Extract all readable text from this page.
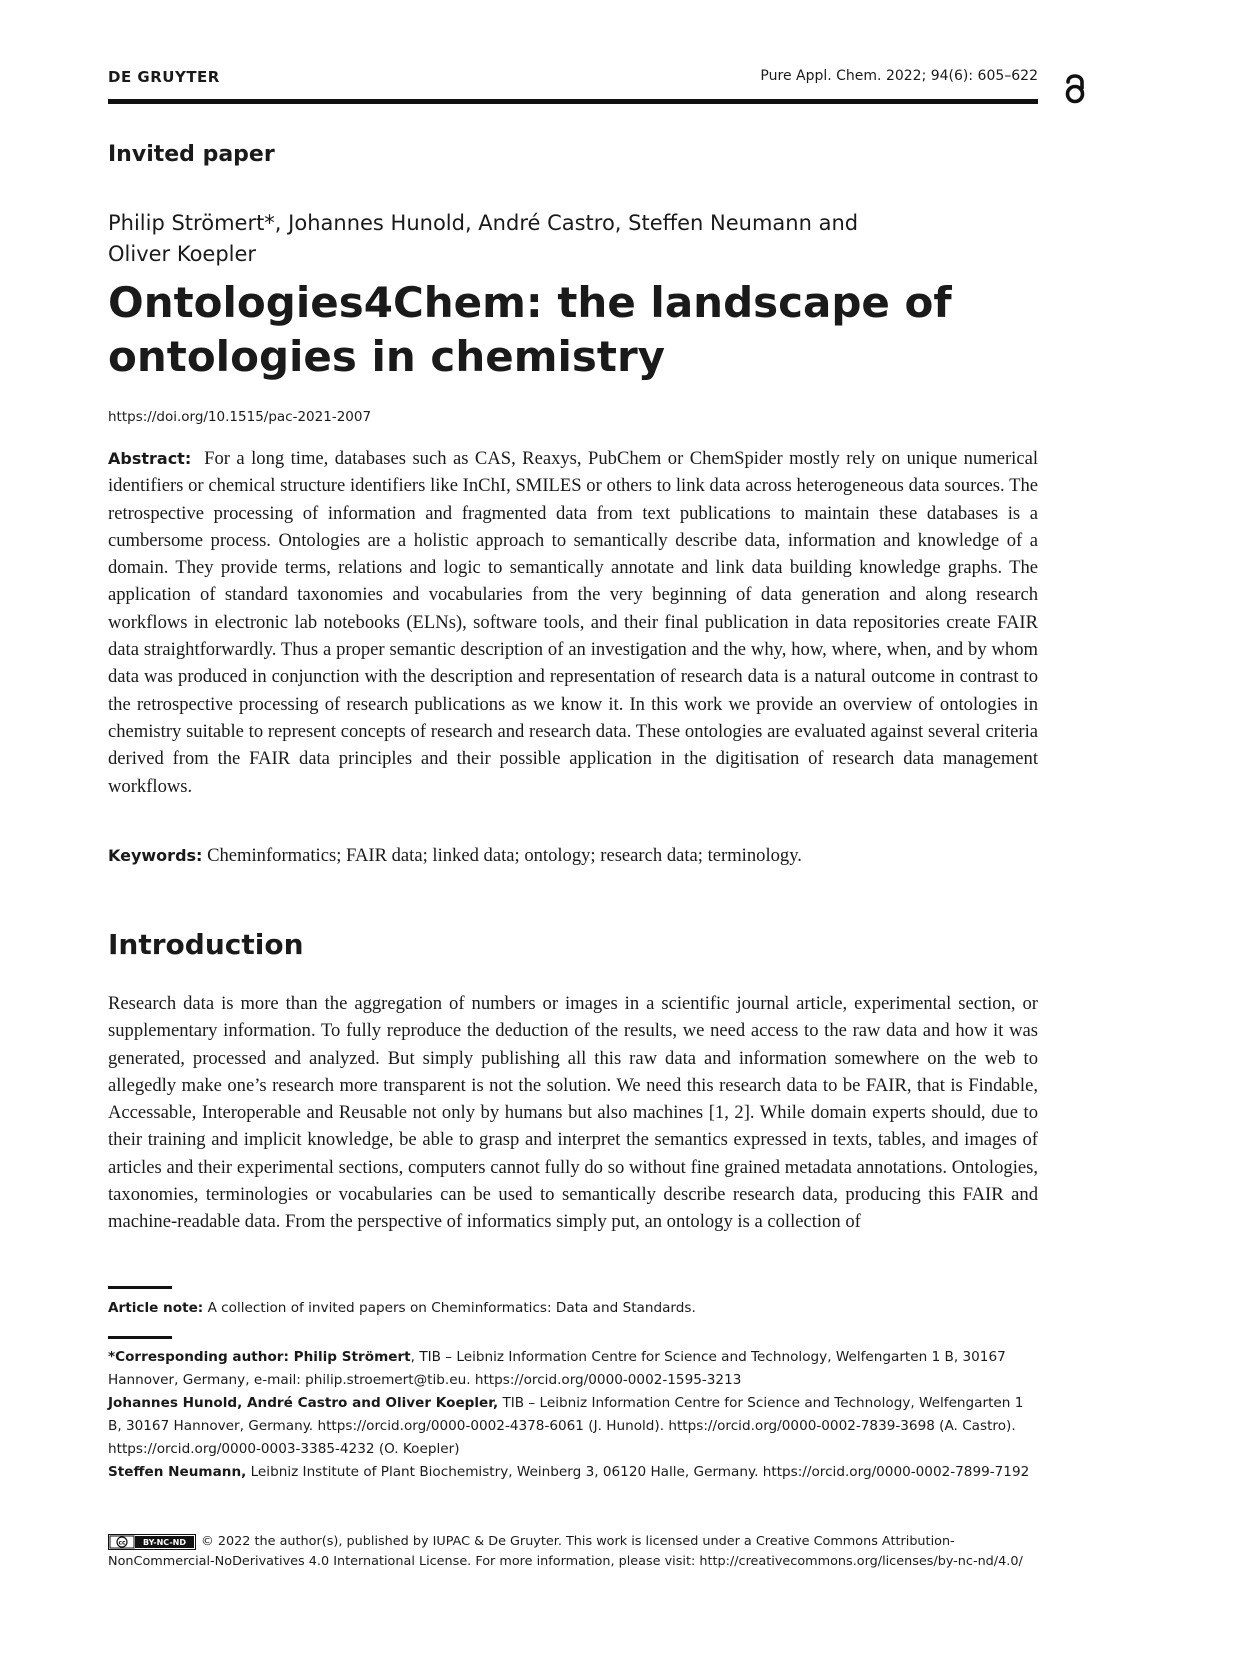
DE GRUYTER	Pure Appl. Chem. 2022; 94(6): 605–622
Invited paper
Philip Strömert*, Johannes Hunold, André Castro, Steffen Neumann and
Oliver Koepler
Ontologies4Chem: the landscape of
ontologies in chemistry
https://doi.org/10.1515/pac-2021-2007

Abstract: For a long time, databases such as CAS, Reaxys, PubChem or ChemSpider mostly rely on unique numerical identifiers or chemical structure identifiers like InChI, SMILES or others to link data across heterogeneous data sources. The retrospective processing of information and fragmented data from text publications to maintain these databases is a cumbersome process. Ontologies are a holistic approach to semantically describe data, information and knowledge of a domain. They provide terms, relations and logic to semantically annotate and link data building knowledge graphs. The application of standard taxonomies and vocabularies from the very beginning of data generation and along research workflows in electronic lab notebooks (ELNs), software tools, and their final publication in data repositories create FAIR data straightforwardly. Thus a proper semantic description of an investigation and the why, how, where, when, and by whom data was produced in conjunction with the description and representation of research data is a natural outcome in contrast to the retrospective processing of research publications as we know it. In this work we provide an overview of ontologies in chemistry suitable to represent concepts of research and research data. These ontologies are evaluated against several criteria derived from the FAIR data principles and their possible application in the digitisation of research data management workflows.

Keywords: Cheminformatics; FAIR data; linked data; ontology; research data; terminology.

Introduction

Research data is more than the aggregation of numbers or images in a scientific journal article, experimental section, or supplementary information. To fully reproduce the deduction of the results, we need access to the raw data and how it was generated, processed and analyzed. But simply publishing all this raw data and information somewhere on the web to allegedly make one’s research more transparent is not the solution. We need this research data to be FAIR, that is Findable, Accessable, Interoperable and Reusable not only by humans but also machines [1, 2]. While domain experts should, due to their training and implicit knowledge, be able to grasp and interpret the semantics expressed in texts, tables, and images of articles and their experimental sections, computers cannot fully do so without fine grained metadata annotations. Ontologies, taxonomies, terminologies or vocabularies can be used to semantically describe research data, producing this FAIR and machine-readable data. From the perspective of informatics simply put, an ontology is a collection of

Article note: A collection of invited papers on Cheminformatics: Data and Standards.
*Corresponding author: Philip Strömert, TIB – Leibniz Information Centre for Science and Technology, Welfengarten 1 B, 30167 Hannover, Germany, e-mail: philip.stroemert@tib.eu. https://orcid.org/0000-0002-1595-3213
Johannes Hunold, André Castro and Oliver Koepler, TIB – Leibniz Information Centre for Science and Technology, Welfengarten 1 B, 30167 Hannover, Germany. https://orcid.org/0000-0002-4378-6061 (J. Hunold). https://orcid.org/0000-0002-7839-3698 (A. Castro). https://orcid.org/0000-0003-3385-4232 (O. Koepler)
Steffen Neumann, Leibniz Institute of Plant Biochemistry, Weinberg 3, 06120 Halle, Germany. https://orcid.org/0000-0002-7899-7192
cc BY-NC-ND © 2022 the author(s), published by IUPAC & De Gruyter. This work is licensed under a Creative Commons Attribution-NonCommercial-NoDerivatives 4.0 International License. For more information, please visit: http://creativecommons.org/licenses/by-nc-nd/4.0/
